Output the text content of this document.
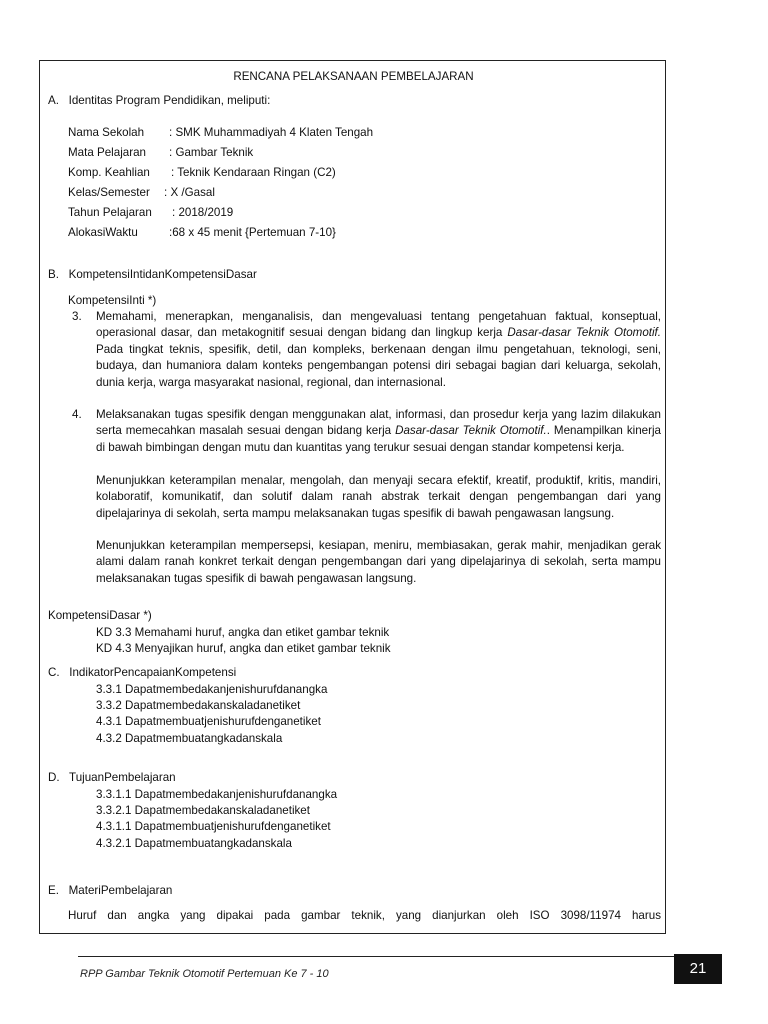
RENCANA PELAKSANAAN PEMBELAJARAN
A.   Identitas Program Pendidikan, meliputi:
Nama Sekolah : SMK Muhammadiyah 4 Klaten Tengah
Mata Pelajaran : Gambar Teknik
Komp. Keahlian : Teknik Kendaraan Ringan (C2)
Kelas/Semester : X /Gasal
Tahun Pelajaran : 2018/2019
AlokasiWaktu	:68 x 45 menit {Pertemuan 7-10}
B.   KompetensiIntidanKompetensiDasar
KompetensiInti *)
3. Memahami, menerapkan, menganalisis, dan mengevaluasi tentang pengetahuan faktual, konseptual, operasional dasar, dan metakognitif sesuai dengan bidang dan lingkup kerja Dasar-dasar Teknik Otomotif. Pada tingkat teknis, spesifik, detil, dan kompleks, berkenaan dengan ilmu pengetahuan, teknologi, seni, budaya, dan humaniora dalam konteks pengembangan potensi diri sebagai bagian dari keluarga, sekolah, dunia kerja, warga masyarakat nasional, regional, dan internasional.
4. Melaksanakan tugas spesifik dengan menggunakan alat, informasi, dan prosedur kerja yang lazim dilakukan serta memecahkan masalah sesuai dengan bidang kerja Dasar-dasar Teknik Otomotif.. Menampilkan kinerja di bawah bimbingan dengan mutu dan kuantitas yang terukur sesuai dengan standar kompetensi kerja.
Menunjukkan keterampilan menalar, mengolah, dan menyaji secara efektif, kreatif, produktif, kritis, mandiri, kolaboratif, komunikatif, dan solutif dalam ranah abstrak terkait dengan pengembangan dari yang dipelajarinya di sekolah, serta mampu melaksanakan tugas spesifik di bawah pengawasan langsung.
Menunjukkan keterampilan mempersepsi, kesiapan, meniru, membiasakan, gerak mahir, menjadikan gerak alami dalam ranah konkret terkait dengan pengembangan dari yang dipelajarinya di sekolah, serta mampu melaksanakan tugas spesifik di bawah pengawasan langsung.
KompetensiDasar *)
KD 3.3 Memahami huruf, angka dan etiket gambar teknik
KD 4.3 Menyajikan huruf, angka dan etiket gambar teknik
C.   IndikatorPencapaianKompetensi
3.3.1 Dapatmembedakanjenishurufdanangka
3.3.2 Dapatmembedakanskaladanetiket
4.3.1 Dapatmembuatjenishurufdenganetiket
4.3.2 Dapatmembuatangkadanskala
D.   TujuanPembelajaran
3.3.1.1 Dapatmembedakanjenishurufdanangka
3.3.2.1 Dapatmembedakanskaladanetiket
4.3.1.1 Dapatmembuatjenishurufdenganetiket
4.3.2.1 Dapatmembuatangkadanskala
E.   MateriPembelajaran
Huruf dan angka yang dipakai pada gambar teknik, yang dianjurkan oleh ISO 3098/11974 harus
RPP Gambar Teknik Otomotif Pertemuan Ke 7 - 10	21
